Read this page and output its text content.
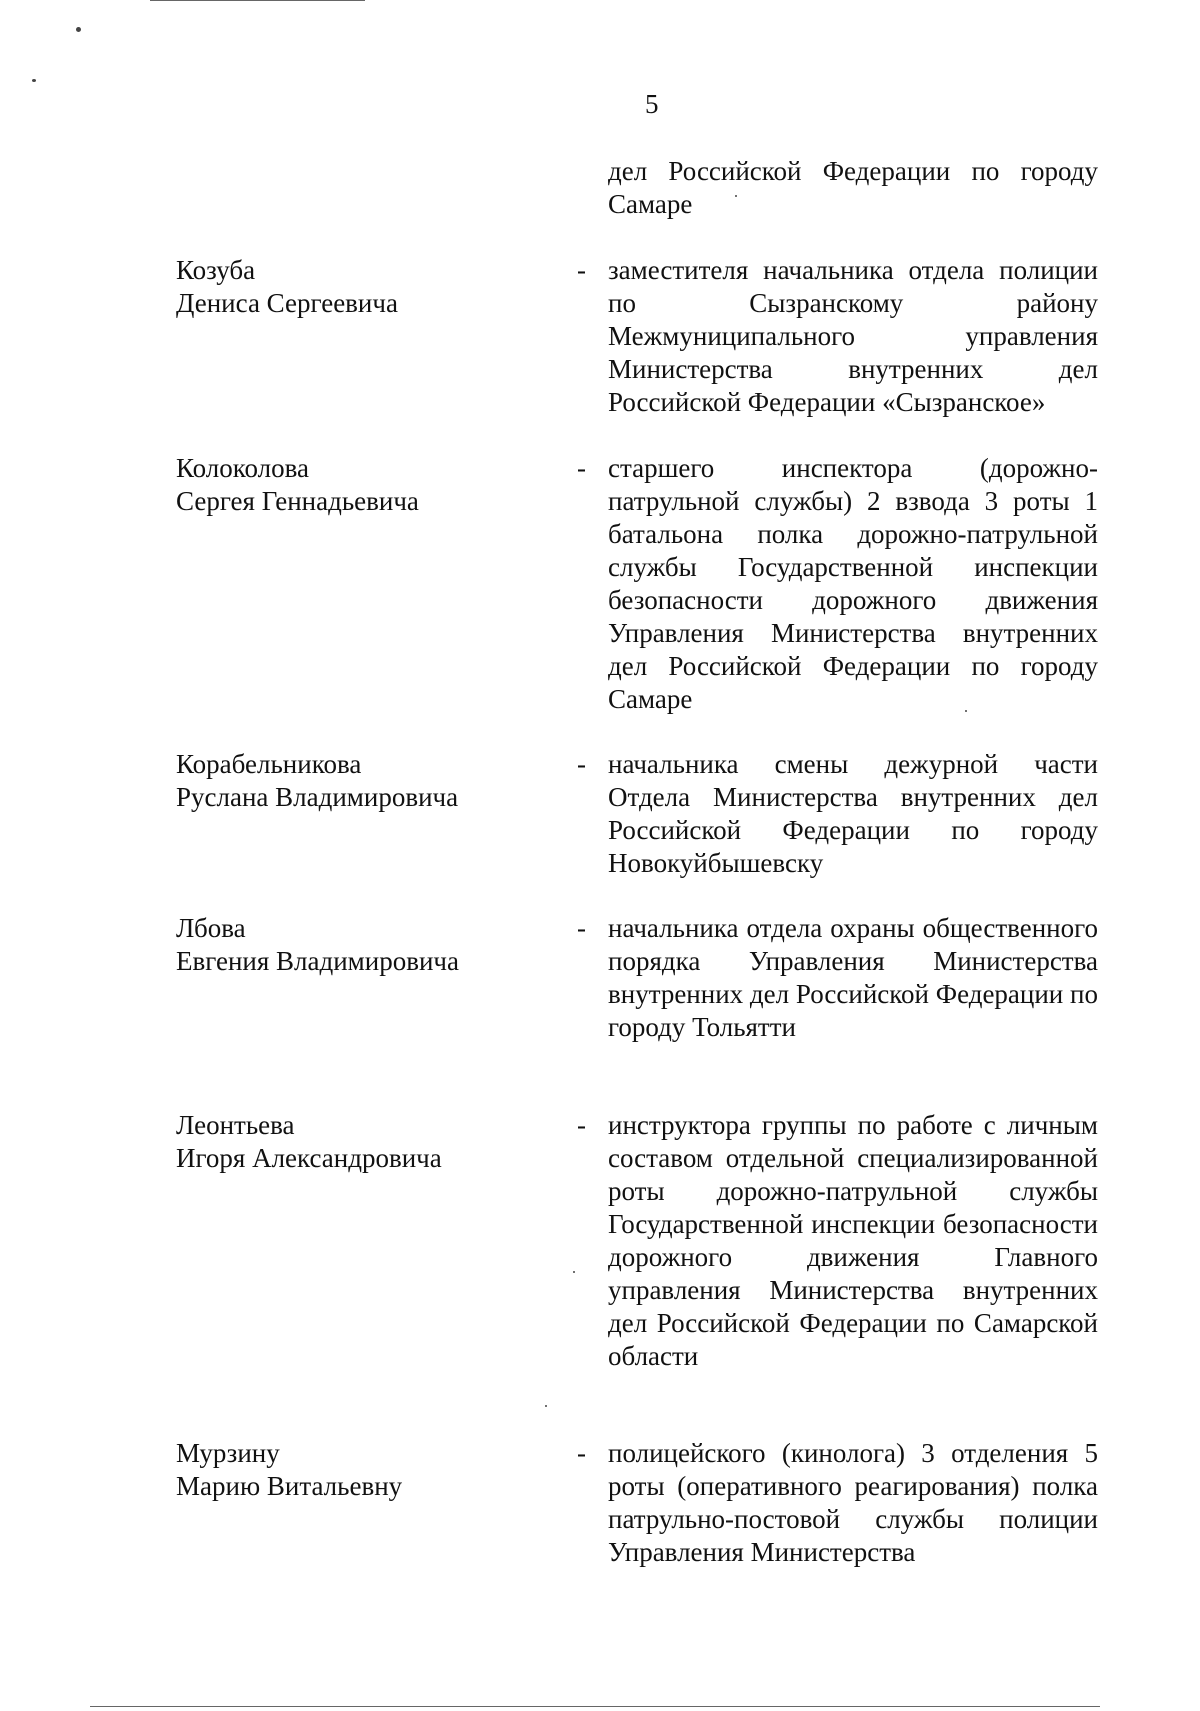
5
дел Российской Федерации по городу Самаре
Козуба
Дениса Сергеевича
- заместителя начальника отдела полиции по Сызранскому району Межмуниципального управления Министерства внутренних дел Российской Федерации «Сызранское»
Колоколова
Сергея Геннадьевича
- старшего инспектора (дорожно-патрульной службы) 2 взвода 3 роты 1 батальона полка дорожно-патрульной службы Государственной инспекции безопасности дорожного движения Управления Министерства внутренних дел Российской Федерации по городу Самаре
Корабельникова
Руслана Владимировича
- начальника смены дежурной части Отдела Министерства внутренних дел Российской Федерации по городу Новокуйбышевску
Лбова
Евгения Владимировича
- начальника отдела охраны общественного порядка Управления Министерства внутренних дел Российской Федерации по городу Тольятти
Леонтьева
Игоря Александровича
- инструктора группы по работе с личным составом отдельной специализированной роты дорожно-патрульной службы Государственной инспекции безопасности дорожного движения Главного управления Министерства внутренних дел Российской Федерации по Самарской области
Мурзину
Марию Витальевну
- полицейского (кинолога) 3 отделения 5 роты (оперативного реагирования) полка патрульно-постовой службы полиции Управления Министерства
